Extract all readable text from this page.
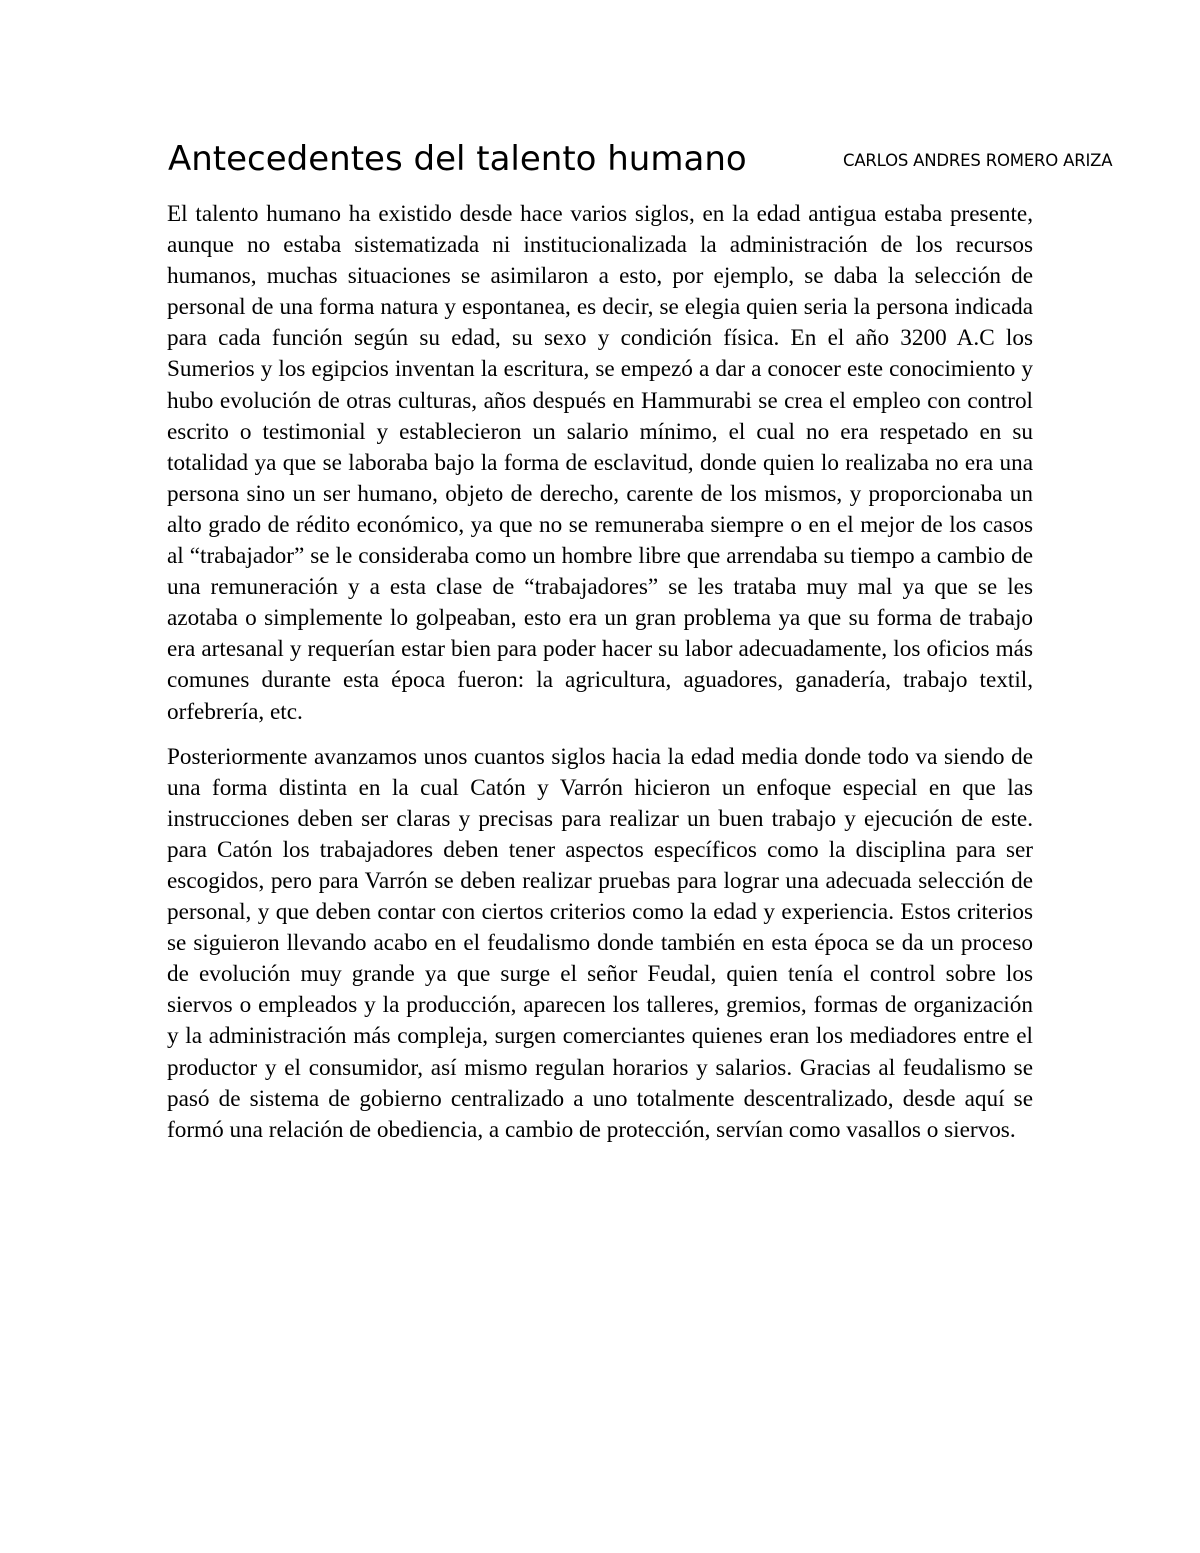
Antecedentes del talento humano	CARLOS ANDRES ROMERO ARIZA

El talento humano ha existido desde hace varios siglos, en la edad antigua estaba presente, aunque no estaba sistematizada ni institucionalizada la administración de los recursos humanos, muchas situaciones se asimilaron a esto, por ejemplo, se daba la selección de personal de una forma natura y espontanea, es decir, se elegia quien seria la persona indicada para cada función según su edad, su sexo y condición física. En el año 3200 A.C los Sumerios y los egipcios inventan la escritura, se empezó a dar a conocer este conocimiento y hubo evolución de otras culturas, años después en Hammurabi se crea el empleo con control escrito o testimonial y establecieron un salario mínimo, el cual no era respetado en su totalidad ya que se laboraba bajo la forma de esclavitud, donde quien lo realizaba no era una persona sino un ser humano, objeto de derecho, carente de los mismos, y proporcionaba un alto grado de rédito económico, ya que no se remuneraba siempre o en el mejor de los casos al “trabajador” se le consideraba como un hombre libre que arrendaba su tiempo a cambio de una remuneración y a esta clase de “trabajadores” se les trataba muy mal ya que se les azotaba o simplemente lo golpeaban, esto era un gran problema ya que su forma de trabajo era artesanal y requerían estar bien para poder hacer su labor adecuadamente, los oficios más comunes durante esta época fueron: la agricultura, aguadores, ganadería, trabajo textil, orfebrería, etc.

Posteriormente avanzamos unos cuantos siglos hacia la edad media donde todo va siendo de una forma distinta en la cual Catón y Varrón hicieron un enfoque especial en que las instrucciones deben ser claras y precisas para realizar un buen trabajo y ejecución de este. para Catón los trabajadores deben tener aspectos específicos como la disciplina para ser escogidos, pero para Varrón se deben realizar pruebas para lograr una adecuada selección de personal, y que deben contar con ciertos criterios como la edad y experiencia. Estos criterios se siguieron llevando acabo en el feudalismo donde también en esta época se da un proceso de evolución muy grande ya que surge el señor Feudal, quien tenía el control sobre los siervos o empleados y la producción, aparecen los talleres, gremios, formas de organización y la administración más compleja, surgen comerciantes quienes eran los mediadores entre el productor y el consumidor, así mismo regulan horarios y salarios. Gracias al feudalismo se pasó de sistema de gobierno centralizado a uno totalmente descentralizado, desde aquí se formó una relación de obediencia, a cambio de protección, servían como vasallos o siervos.
